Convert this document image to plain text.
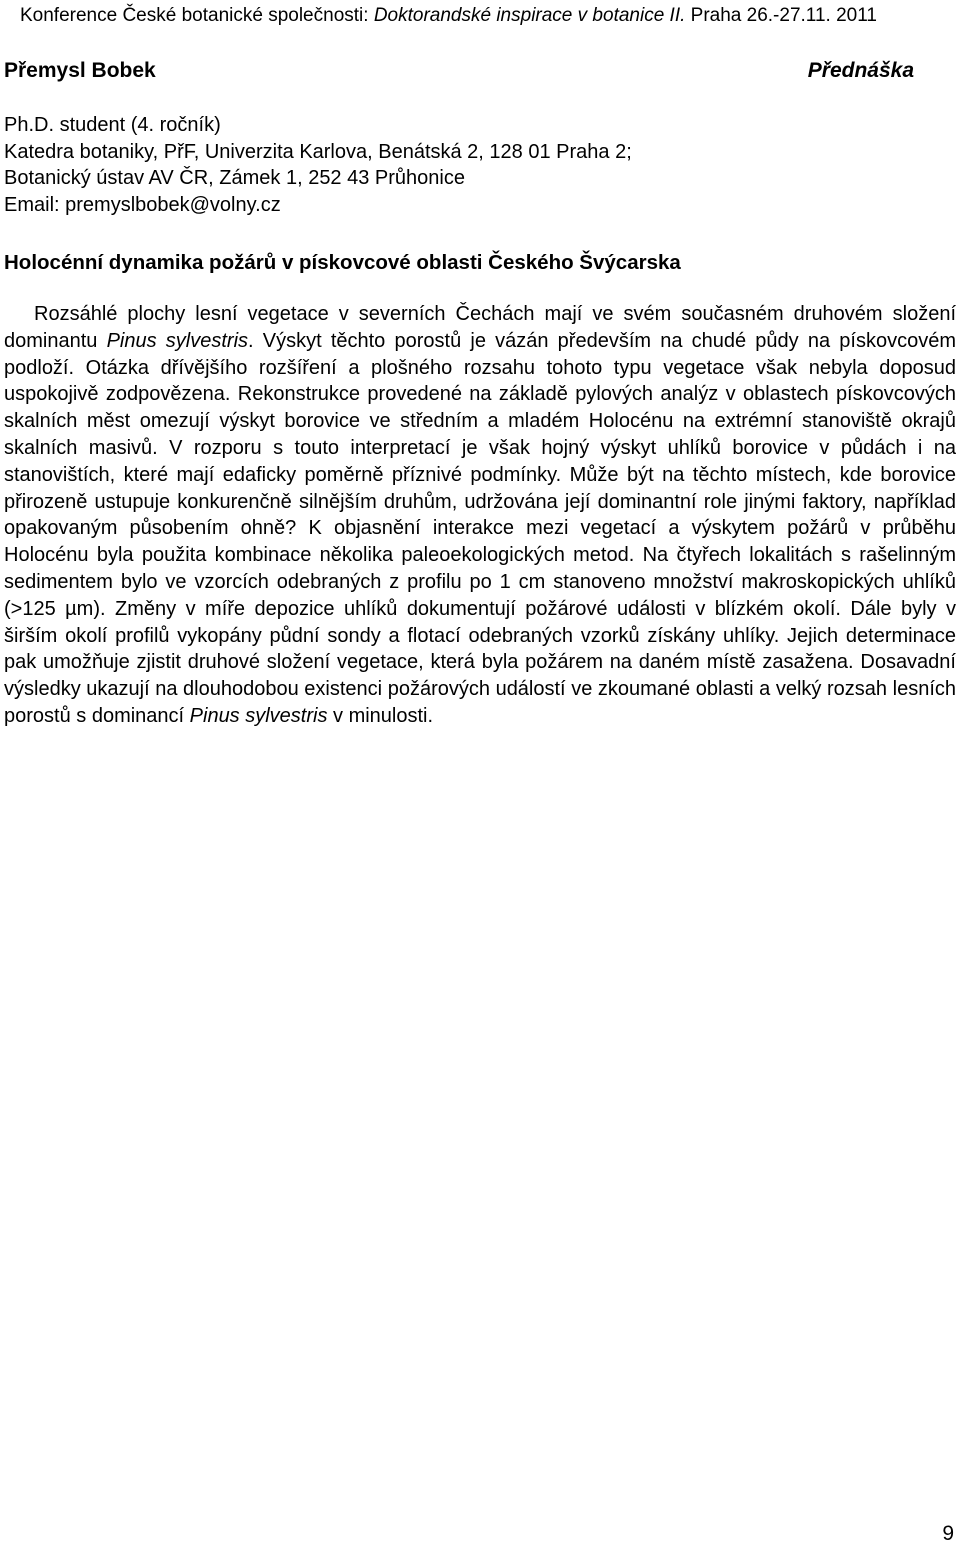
Konference České botanické společnosti: Doktorandské inspirace v botanice II. Praha 26.-27.11. 2011
Přemysl Bobek	Přednáška
Ph.D. student (4. ročník)
Katedra botaniky, PřF, Univerzita Karlova, Benátská 2, 128 01 Praha 2;
Botanický ústav AV ČR, Zámek 1, 252 43 Průhonice
Email: premyslbobek@volny.cz
Holocénní dynamika požárů v pískovcové oblasti Českého Švýcarska

Rozsáhlé plochy lesní vegetace v severních Čechách mají ve svém současném druhovém složení dominantu Pinus sylvestris. Výskyt těchto porostů je vázán především na chudé půdy na pískovcovém podloží. Otázka dřívějšího rozšíření a plošného rozsahu tohoto typu vegetace však nebyla doposud uspokojivě zodpovězena. Rekonstrukce provedené na základě pylových analýz v oblastech pískovcových skalních měst omezují výskyt borovice ve středním a mladém Holocénu na extrémní stanoviště okrajů skalních masivů. V rozporu s touto interpretací je však hojný výskyt uhlíků borovice v půdách i na stanovištích, které mají edaficky poměrně příznivé podmínky. Může být na těchto místech, kde borovice přirozeně ustupuje konkurenčně silnějším druhům, udržována její dominantní role jinými faktory, například opakovaným působením ohně? K objasnění interakce mezi vegetací a výskytem požárů v průběhu Holocénu byla použita kombinace několika paleoekologických metod. Na čtyřech lokalitách s rašelinným sedimentem bylo ve vzorcích odebraných z profilu po 1 cm stanoveno množství makroskopických uhlíků (>125 µm). Změny v míře depozice uhlíků dokumentují požárové události v blízkém okolí. Dále byly v širším okolí profilů vykopány půdní sondy a flotací odebraných vzorků získány uhlíky. Jejich determinace pak umožňuje zjistit druhové složení vegetace, která byla požárem na daném místě zasažena. Dosavadní výsledky ukazují na dlouhodobou existenci požárových událostí ve zkoumané oblasti a velký rozsah lesních porostů s dominancí Pinus sylvestris v minulosti.

9
